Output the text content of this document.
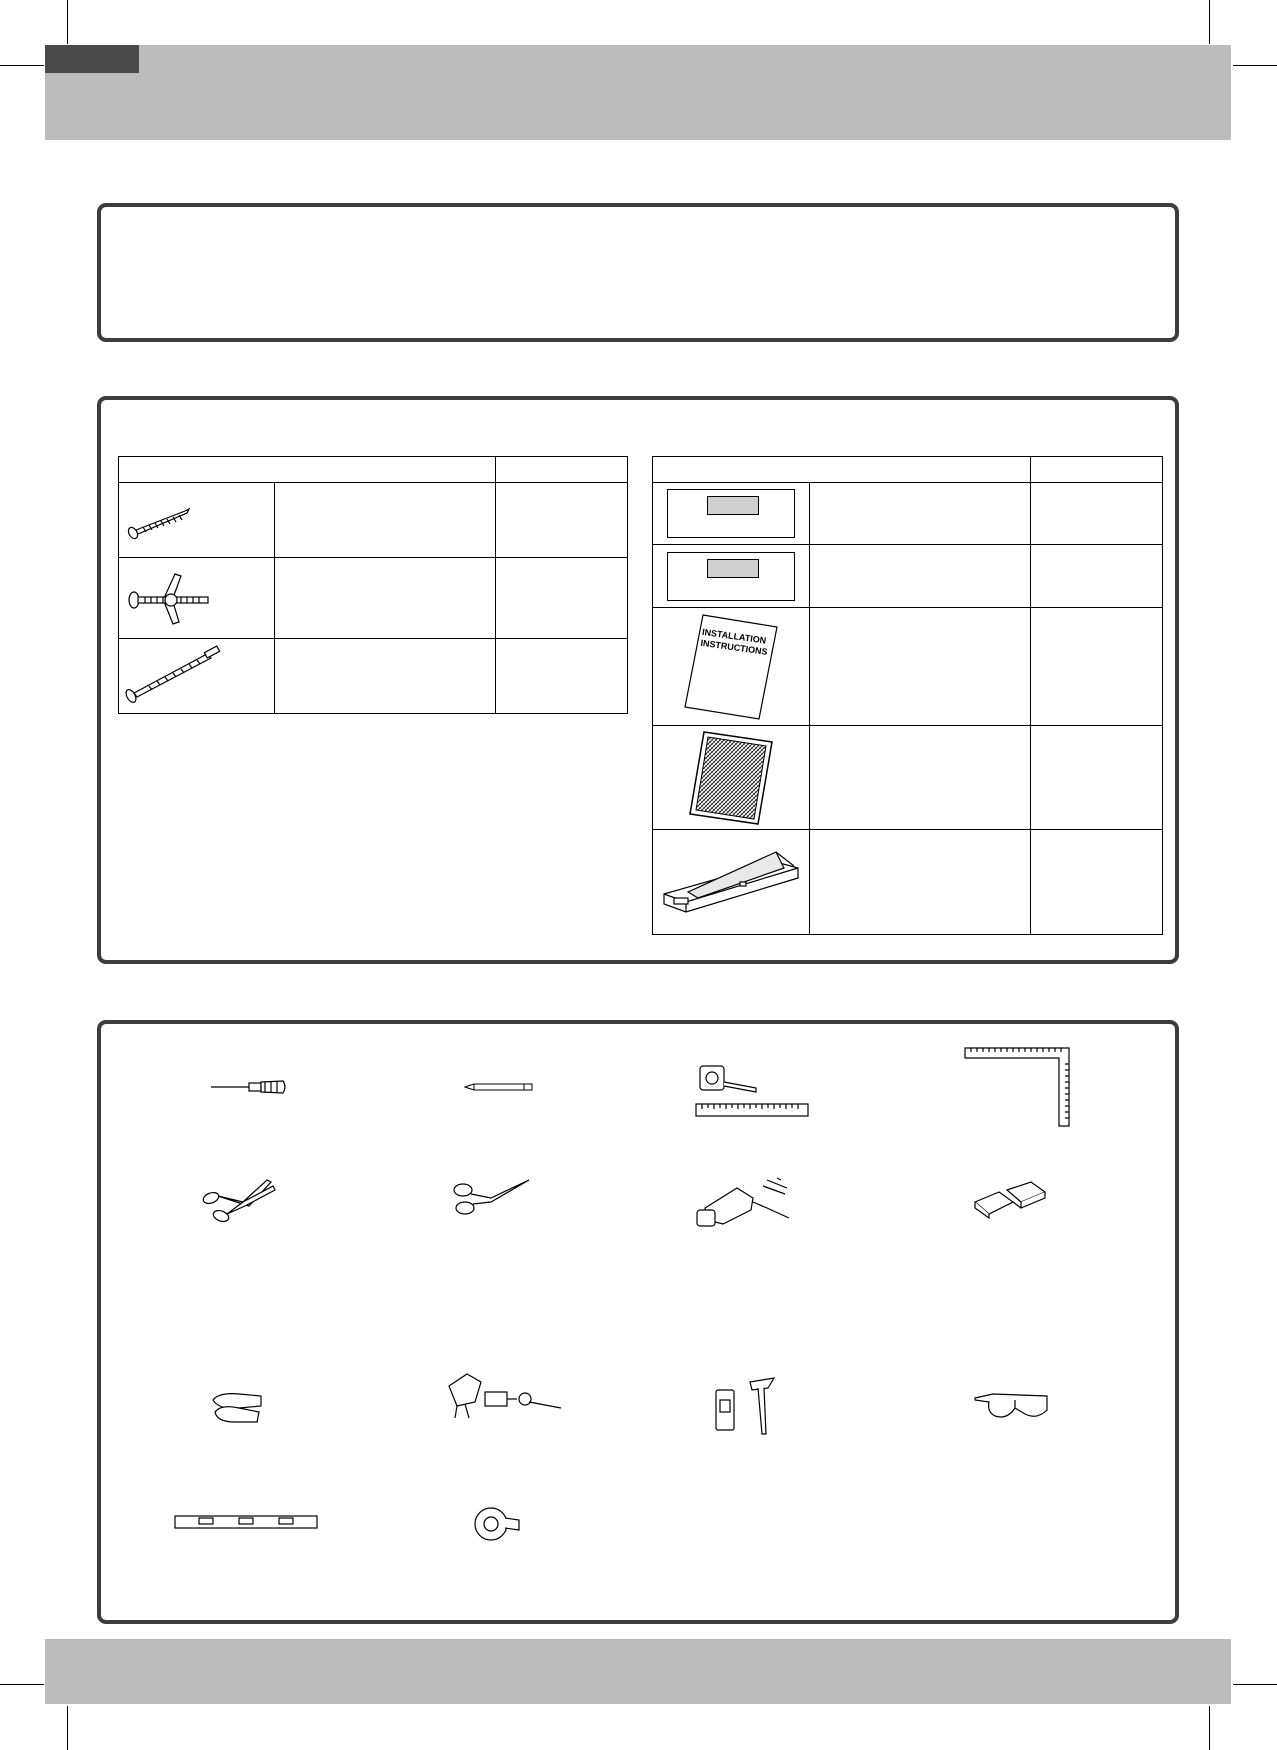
INSTALLATION INSTRUCTIONS		
